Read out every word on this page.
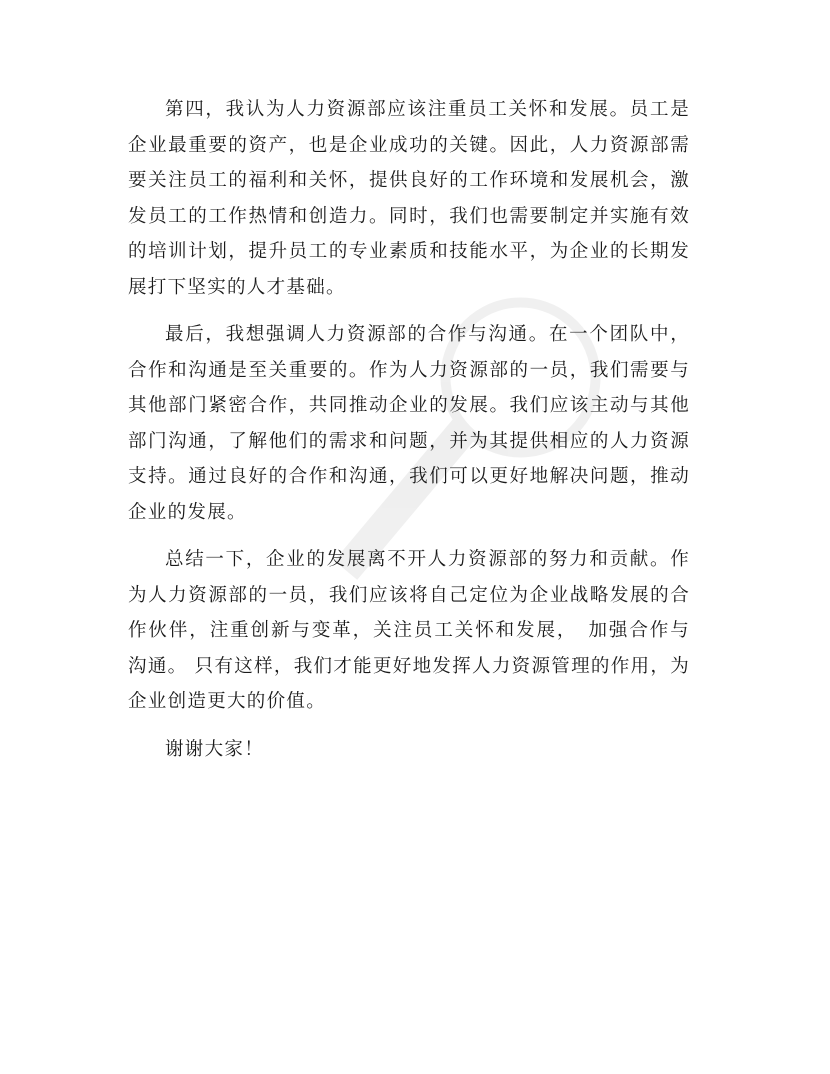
第四，我认为人力资源部应该注重员工关怀和发展。员工是企业最重要的资产，也是企业成功的关键。因此，人力资源部需要关注员工的福利和关怀，提供良好的工作环境和发展机会，激发员工的工作热情和创造力。同时，我们也需要制定并实施有效的培训计划，提升员工的专业素质和技能水平，为企业的长期发展打下坚实的人才基础。

最后，我想强调人力资源部的合作与沟通。在一个团队中，合作和沟通是至关重要的。作为人力资源部的一员，我们需要与其他部门紧密合作，共同推动企业的发展。我们应该主动与其他部门沟通，了解他们的需求和问题，并为其提供相应的人力资源支持。通过良好的合作和沟通，我们可以更好地解决问题，推动企业的发展。

总结一下，企业的发展离不开人力资源部的努力和贡献。作为人力资源部的一员，我们应该将自己定位为企业战略发展的合作伙伴，注重创新与变革，关注员工关怀和发展，　加强合作与沟通。 只有这样，我们才能更好地发挥人力资源管理的作用，为企业创造更大的价值。

谢谢大家！
